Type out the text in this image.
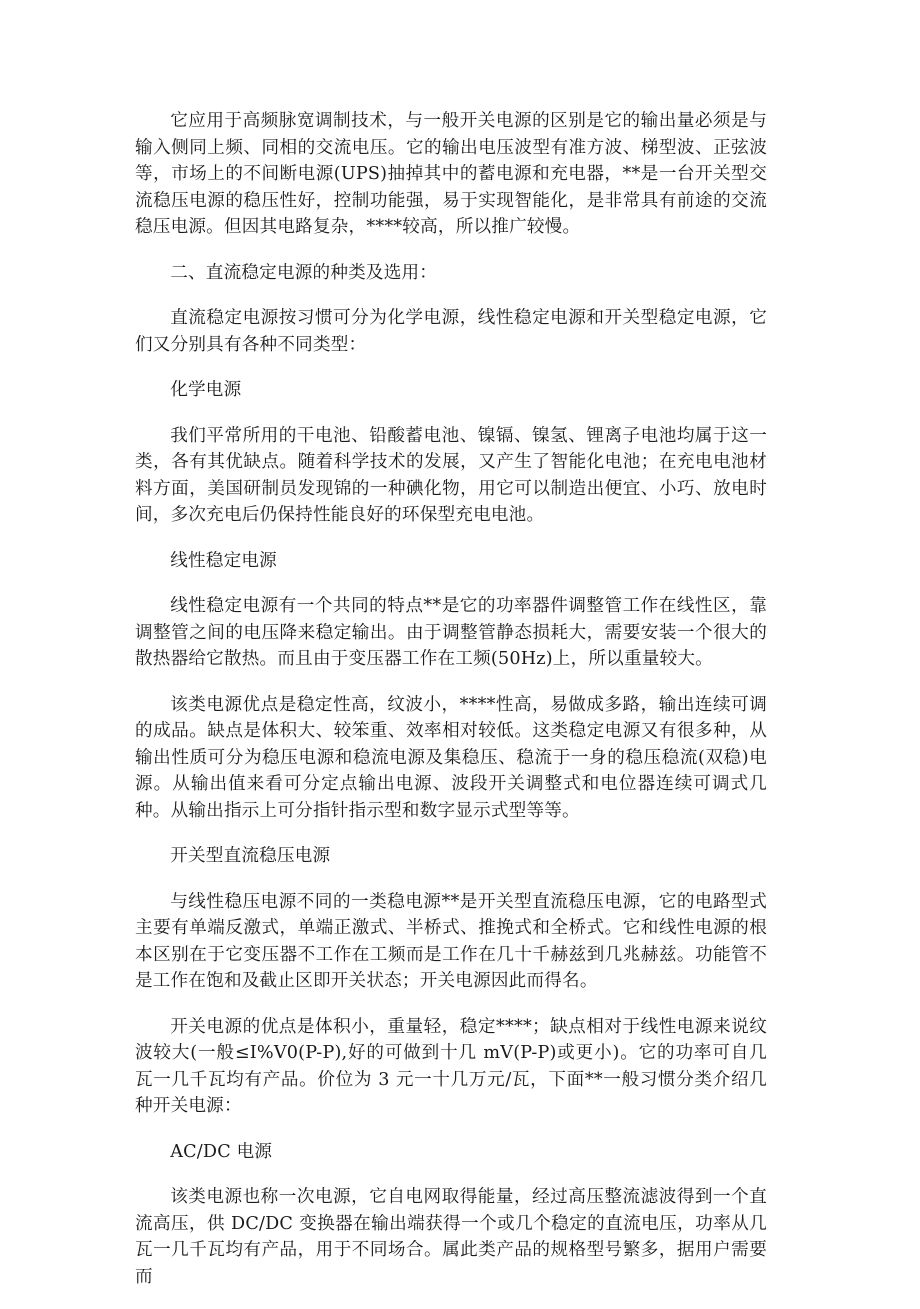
它应用于高频脉宽调制技术，与一般开关电源的区别是它的输出量必须是与输入侧同上频、同相的交流电压。它的输出电压波型有准方波、梯型波、正弦波等，市场上的不间断电源(UPS)抽掉其中的蓄电源和充电器，**是一台开关型交流稳压电源的稳压性好，控制功能强，易于实现智能化，是非常具有前途的交流稳压电源。但因其电路复杂，****较高，所以推广较慢。

二、直流稳定电源的种类及选用：

直流稳定电源按习惯可分为化学电源，线性稳定电源和开关型稳定电源，它们又分别具有各种不同类型：

化学电源

我们平常所用的干电池、铅酸蓄电池、镍镉、镍氢、锂离子电池均属于这一类，各有其优缺点。随着科学技术的发展，又产生了智能化电池；在充电电池材料方面，美国研制员发现锦的一种碘化物，用它可以制造出便宜、小巧、放电时间，多次充电后仍保持性能良好的环保型充电电池。

线性稳定电源

线性稳定电源有一个共同的特点**是它的功率器件调整管工作在线性区，靠调整管之间的电压降来稳定输出。由于调整管静态损耗大，需要安装一个很大的散热器给它散热。而且由于变压器工作在工频(50Hz)上，所以重量较大。

该类电源优点是稳定性高，纹波小，****性高，易做成多路，输出连续可调的成品。缺点是体积大、较笨重、效率相对较低。这类稳定电源又有很多种，从输出性质可分为稳压电源和稳流电源及集稳压、稳流于一身的稳压稳流(双稳)电源。从输出值来看可分定点输出电源、波段开关调整式和电位器连续可调式几种。从输出指示上可分指针指示型和数字显示式型等等。

开关型直流稳压电源

与线性稳压电源不同的一类稳电源**是开关型直流稳压电源，它的电路型式主要有单端反激式，单端正激式、半桥式、推挽式和全桥式。它和线性电源的根本区别在于它变压器不工作在工频而是工作在几十千赫兹到几兆赫兹。功能管不是工作在饱和及截止区即开关状态；开关电源因此而得名。

开关电源的优点是体积小，重量轻，稳定****；缺点相对于线性电源来说纹波较大(一般≤I%V0(P-P),好的可做到十几 mV(P-P)或更小)。它的功率可自几瓦一几千瓦均有产品。价位为 3 元一十几万元/瓦，下面**一般习惯分类介绍几种开关电源：

AC/DC 电源

该类电源也称一次电源，它自电网取得能量，经过高压整流滤波得到一个直流高压，供 DC/DC 变换器在输出端获得一个或几个稳定的直流电压，功率从几瓦一几千瓦均有产品，用于不同场合。属此类产品的规格型号繁多，据用户需要而
